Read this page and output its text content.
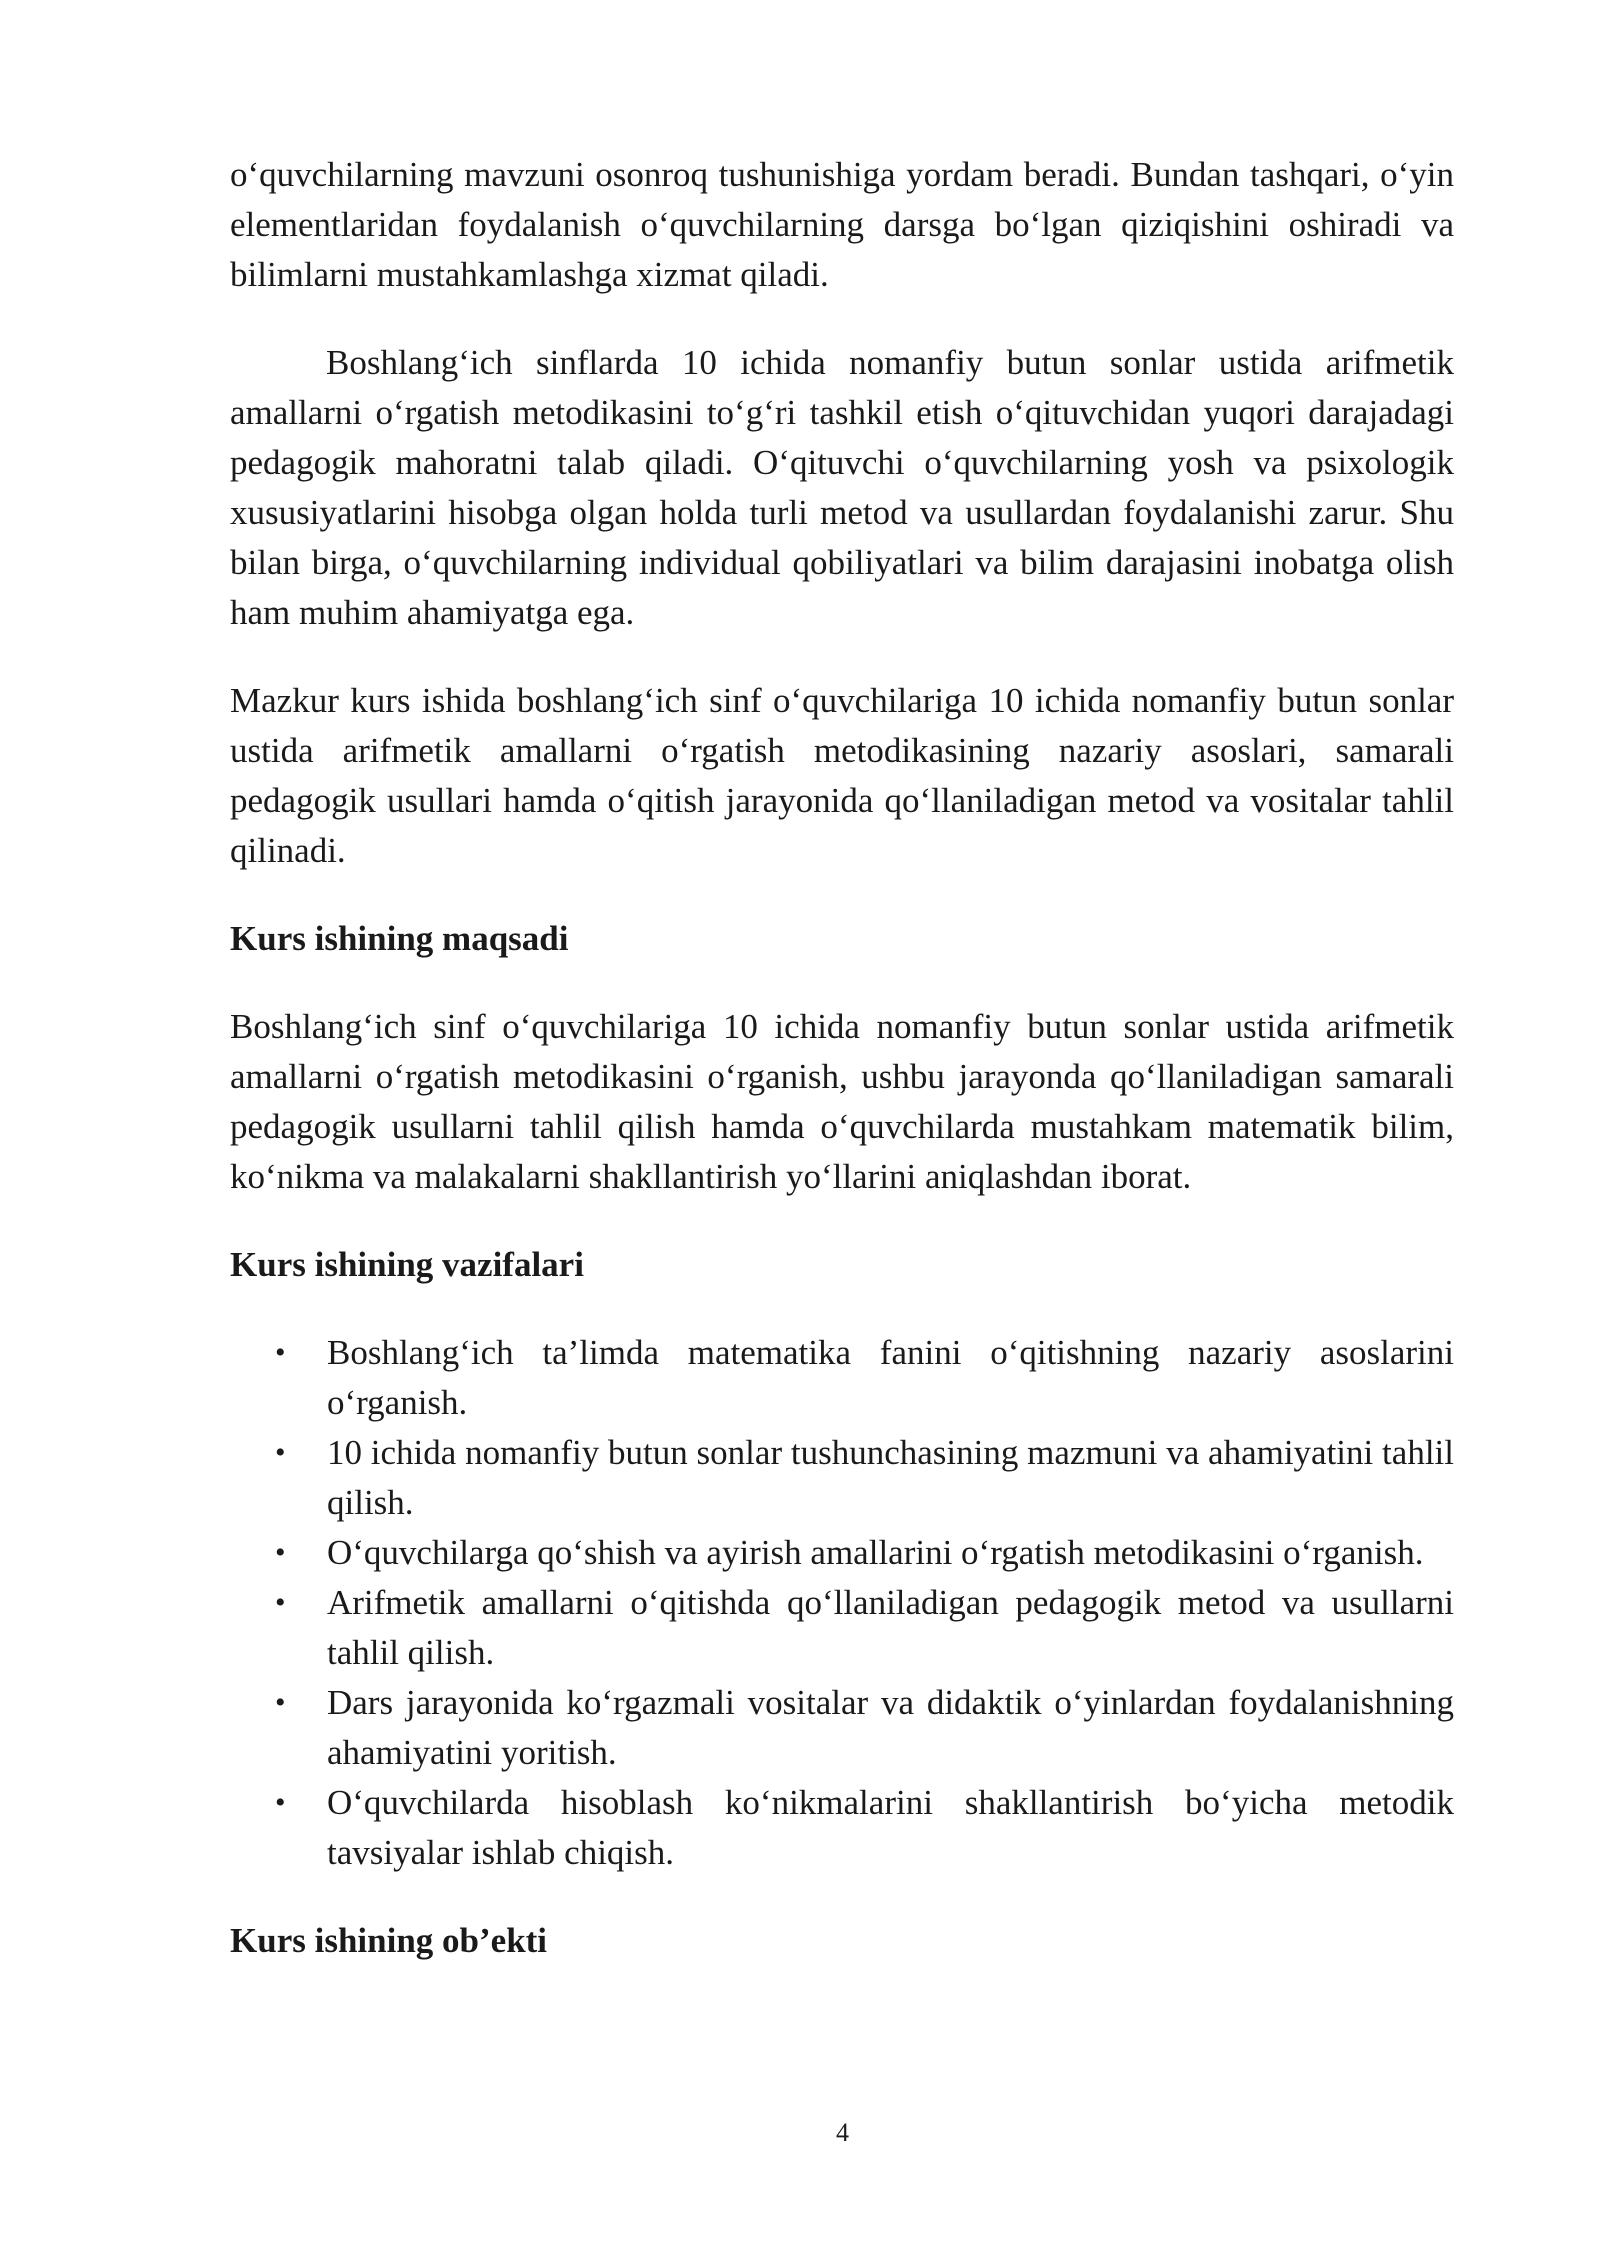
o‘quvchilarning mavzuni osonroq tushunishiga yordam beradi. Bundan tashqari, o‘yin elementlaridan foydalanish o‘quvchilarning darsga bo‘lgan qiziqishini oshiradi va bilimlarni mustahkamlashga xizmat qiladi.

Boshlang‘ich sinflarda 10 ichida nomanfiy butun sonlar ustida arifmetik amallarni o‘rgatish metodikasini to‘g‘ri tashkil etish o‘qituvchidan yuqori darajadagi pedagogik mahoratni talab qiladi. O‘qituvchi o‘quvchilarning yosh va psixologik xususiyatlarini hisobga olgan holda turli metod va usullardan foydalanishi zarur. Shu bilan birga, o‘quvchilarning individual qobiliyatlari va bilim darajasini inobatga olish ham muhim ahamiyatga ega.

Mazkur kurs ishida boshlang‘ich sinf o‘quvchilariga 10 ichida nomanfiy butun sonlar ustida arifmetik amallarni o‘rgatish metodikasining nazariy asoslari, samarali pedagogik usullari hamda o‘qitish jarayonida qo‘llaniladigan metod va vositalar tahlil qilinadi.

Kurs ishining maqsadi

Boshlang‘ich sinf o‘quvchilariga 10 ichida nomanfiy butun sonlar ustida arifmetik amallarni o‘rgatish metodikasini o‘rganish, ushbu jarayonda qo‘llaniladigan samarali pedagogik usullarni tahlil qilish hamda o‘quvchilarda mustahkam matematik bilim, ko‘nikma va malakalarni shakllantirish yo‘llarini aniqlashdan iborat.

Kurs ishining vazifalari
• Boshlang‘ich ta’limda matematika fanini o‘qitishning nazariy asoslarini o‘rganish.
• 10 ichida nomanfiy butun sonlar tushunchasining mazmuni va ahamiyatini tahlil qilish.
• O‘quvchilarga qo‘shish va ayirish amallarini o‘rgatish metodikasini o‘rganish.
• Arifmetik amallarni o‘qitishda qo‘llaniladigan pedagogik metod va usullarni tahlil qilish.
• Dars jarayonida ko‘rgazmali vositalar va didaktik o‘yinlardan foydalanishning ahamiyatini yoritish.
• O‘quvchilarda hisoblash ko‘nikmalarini shakllantirish bo‘yicha metodik tavsiyalar ishlab chiqish.
Kurs ishining ob’ekti
4
